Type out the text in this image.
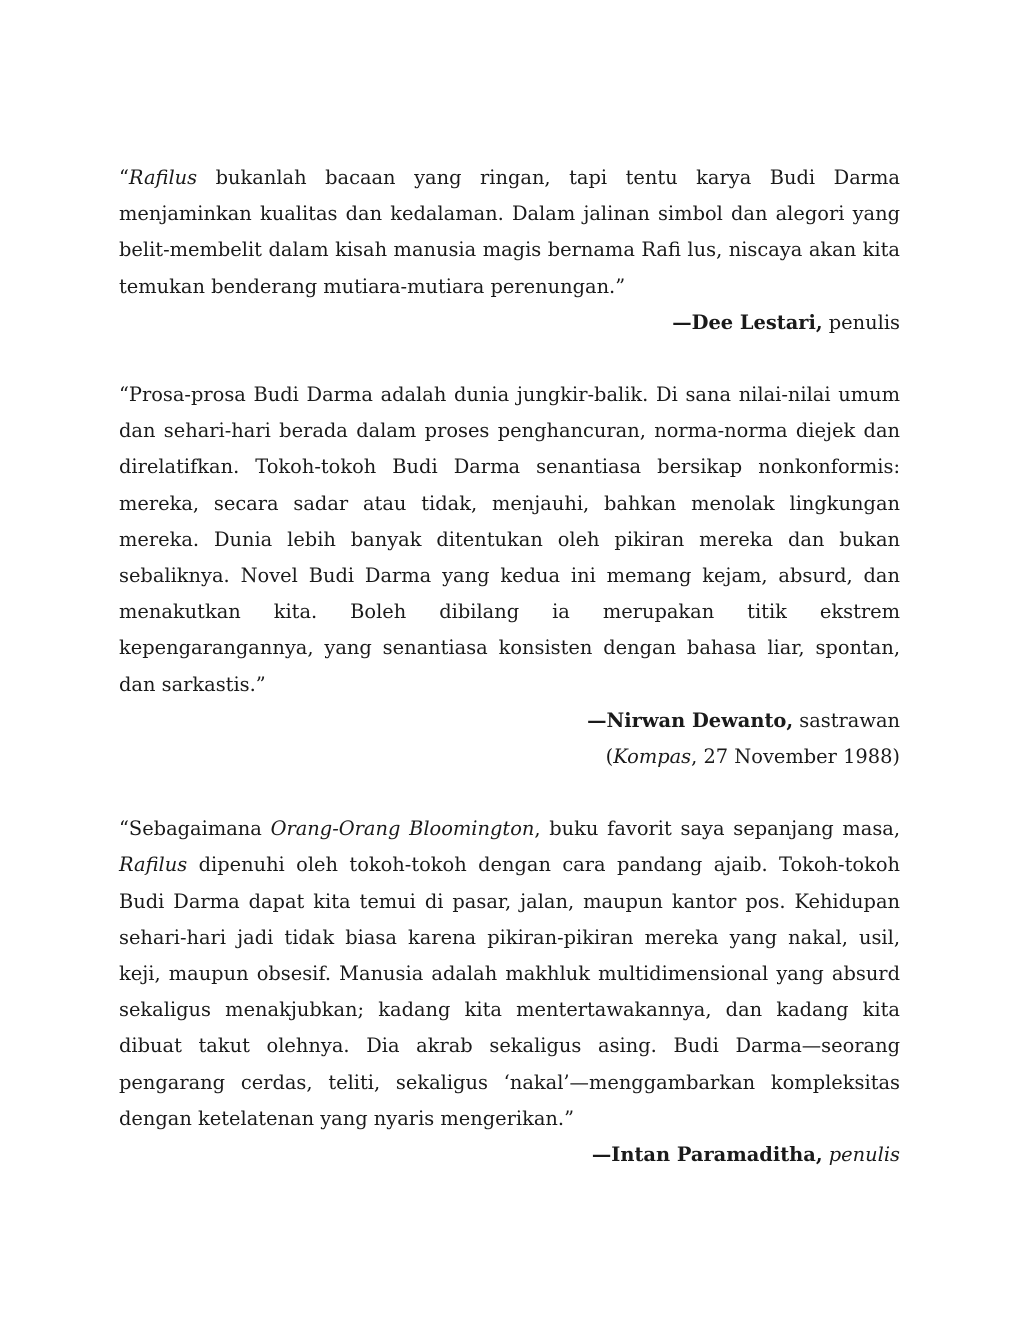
“Rafilus bukanlah bacaan yang ringan, tapi tentu karya Budi Darma menjaminkan kualitas dan kedalaman. Dalam jalinan simbol dan alegori yang belit-membelit dalam kisah manusia magis bernama Rafi lus, niscaya akan kita temukan benderang mutiara-mutiara perenungan.”

—Dee Lestari, penulis

“Prosa-prosa Budi Darma adalah dunia jungkir-balik. Di sana nilai-nilai umum dan sehari-hari berada dalam proses penghancuran, norma-norma diejek dan direlatifkan. Tokoh-tokoh Budi Darma senantiasa bersikap nonkonformis: mereka, secara sadar atau tidak, menjauhi, bahkan menolak lingkungan mereka. Dunia lebih banyak ditentukan oleh pikiran mereka dan bukan sebaliknya. Novel Budi Darma yang kedua ini memang kejam, absurd, dan menakutkan kita. Boleh dibilang ia merupakan titik ekstrem kepengarangannya, yang senantiasa konsisten dengan bahasa liar, spontan, dan sarkastis.”

—Nirwan Dewanto, sastrawan

(Kompas, 27 November 1988)

“Sebagaimana Orang-Orang Bloomington, buku favorit saya sepanjang masa, Rafilus dipenuhi oleh tokoh-tokoh dengan cara pandang ajaib. Tokoh-tokoh Budi Darma dapat kita temui di pasar, jalan, maupun kantor pos. Kehidupan sehari-hari jadi tidak biasa karena pikiran-pikiran mereka yang nakal, usil, keji, maupun obsesif. Manusia adalah makhluk multidimensional yang absurd sekaligus menakjubkan; kadang kita mentertawakannya, dan kadang kita dibuat takut olehnya. Dia akrab sekaligus asing. Budi Darma—seorang pengarang cerdas, teliti, sekaligus ‘nakal’—menggambarkan kompleksitas dengan ketelatenan yang nyaris mengerikan.”

—Intan Paramaditha, penulis
